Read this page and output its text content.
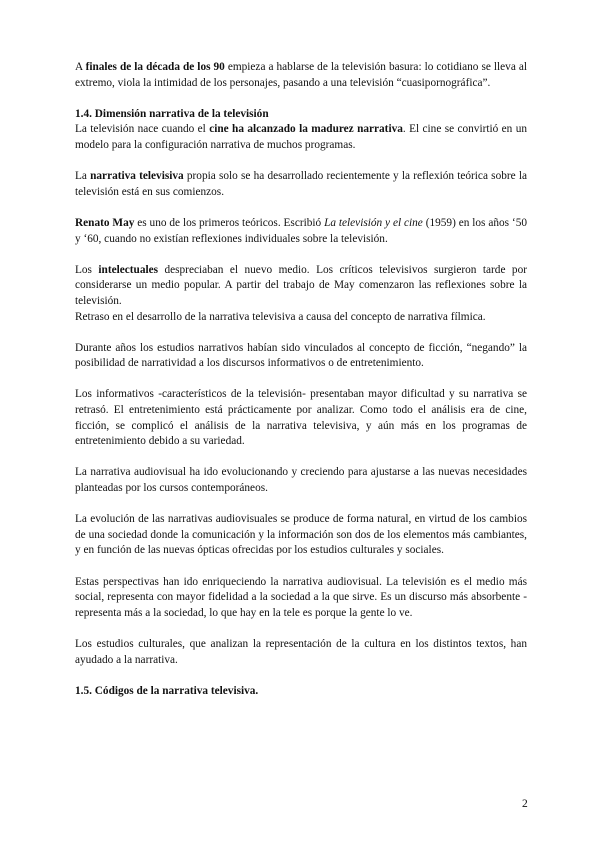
A finales de la década de los 90 empieza a hablarse de la televisión basura: lo cotidiano se lleva al extremo, viola la intimidad de los personajes, pasando a una televisión “cuasipornográfica”.

1.4. Dimensión narrativa de la televisión

La televisión nace cuando el cine ha alcanzado la madurez narrativa. El cine se convirtió en un modelo para la configuración narrativa de muchos programas.

La narrativa televisiva propia solo se ha desarrollado recientemente y la reflexión teórica sobre la televisión está en sus comienzos.

Renato May es uno de los primeros teóricos. Escribió La televisión y el cine (1959) en los años ‘50 y ‘60, cuando no existían reflexiones individuales sobre la televisión.

Los intelectuales despreciaban el nuevo medio. Los críticos televisivos surgieron tarde por considerarse un medio popular. A partir del trabajo de May comenzaron las reflexiones sobre la televisión.

Retraso en el desarrollo de la narrativa televisiva a causa del concepto de narrativa fílmica.

Durante años los estudios narrativos habían sido vinculados al concepto de ficción, “negando” la posibilidad de narratividad a los discursos informativos o de entretenimiento.

Los informativos -característicos de la televisión- presentaban mayor dificultad y su narrativa se retrasó. El entretenimiento está prácticamente por analizar. Como todo el análisis era de cine, ficción, se complicó el análisis de la narrativa televisiva, y aún más en los programas de entretenimiento debido a su variedad.

La narrativa audiovisual ha ido evolucionando y creciendo para ajustarse a las nuevas necesidades planteadas por los cursos contemporáneos.

La evolución de las narrativas audiovisuales se produce de forma natural, en virtud de los cambios de una sociedad donde la comunicación y la información son dos de los elementos más cambiantes, y en función de las nuevas ópticas ofrecidas por los estudios culturales y sociales.

Estas perspectivas han ido enriqueciendo la narrativa audiovisual. La televisión es el medio más social, representa con mayor fidelidad a la sociedad a la que sirve. Es un discurso más absorbente - representa más a la sociedad, lo que hay en la tele es porque la gente lo ve.

Los estudios culturales, que analizan la representación de la cultura en los distintos textos, han ayudado a la narrativa.

1.5. Códigos de la narrativa televisiva.

2
